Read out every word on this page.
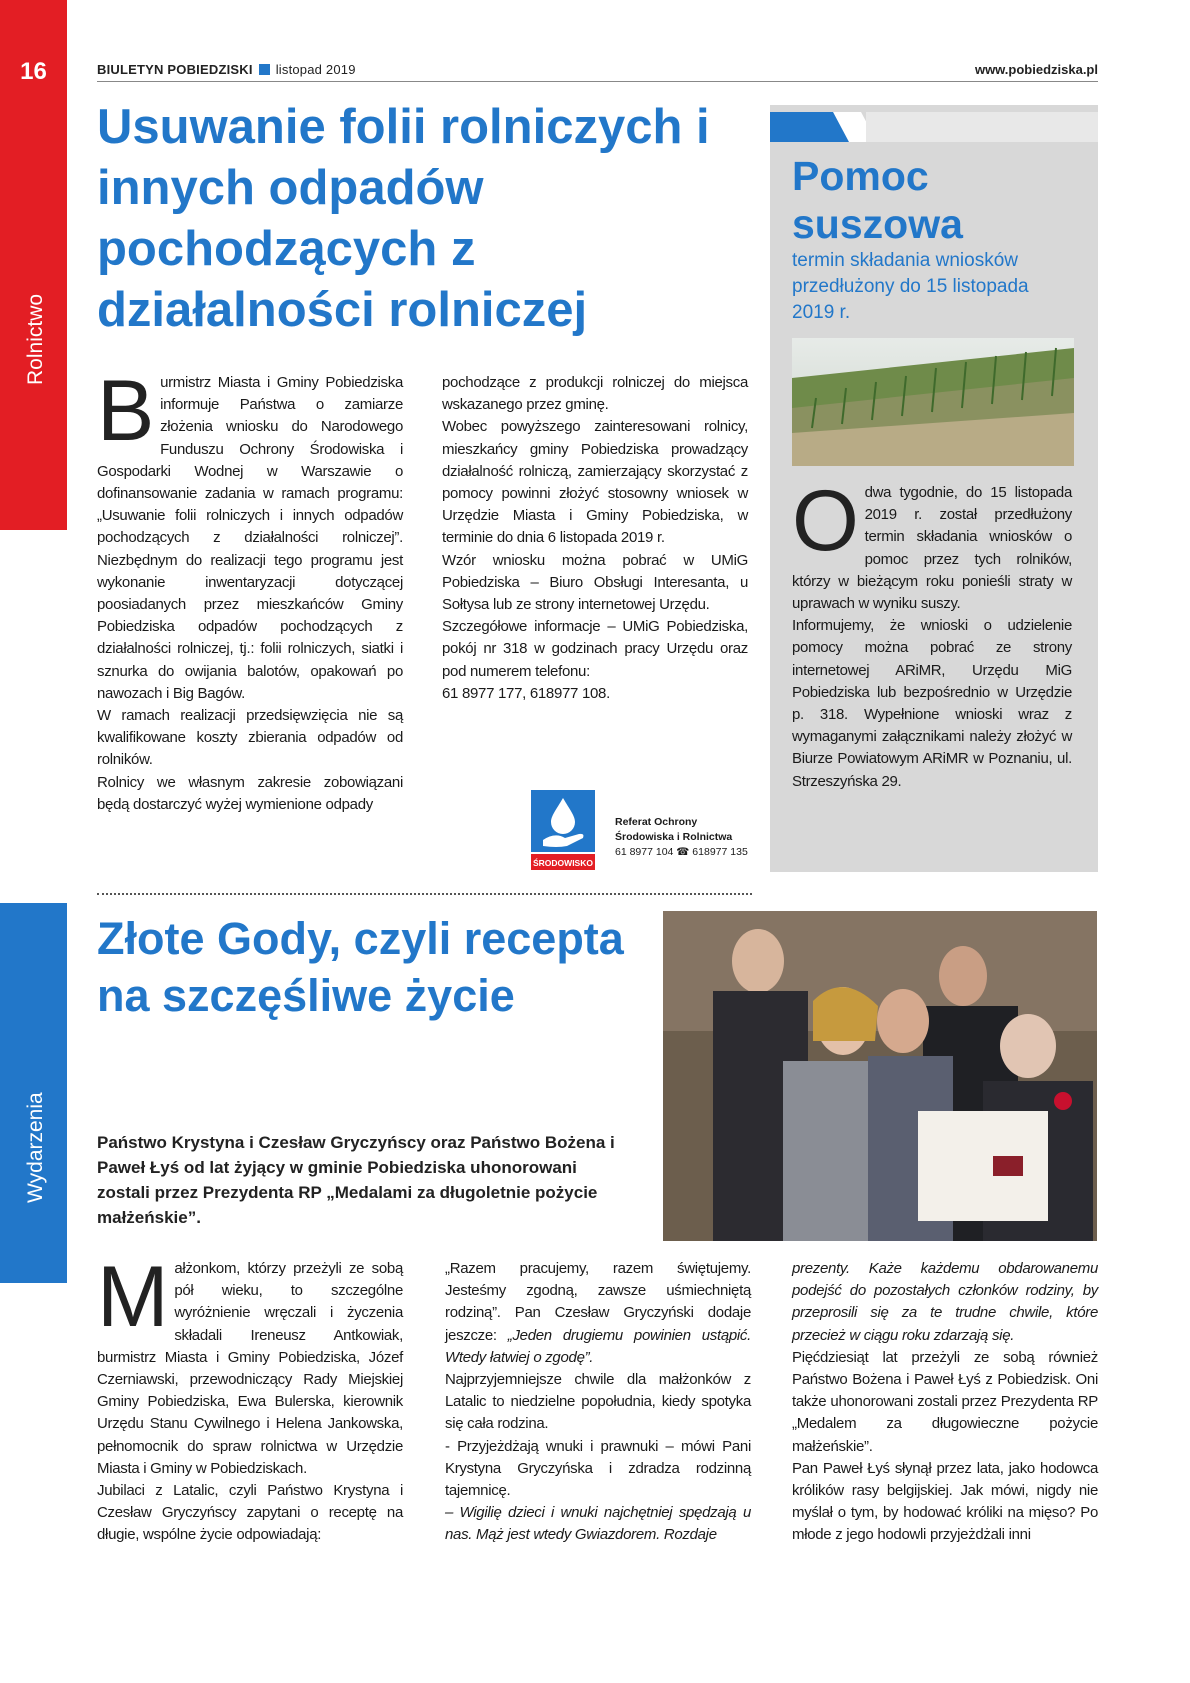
16
Rolnictwo
Wydarzenia
BIULETYN POBIEDZISKI listopad 2019	www.pobiedziska.pl
Usuwanie folii rolniczych i innych odpadów pochodzących z działalności rolniczej

Burmistrz Miasta i Gminy Pobiedziska informuje Państwa o zamiarze złożenia wniosku do Narodowego Funduszu Ochrony Środowiska i Gospodarki Wodnej w Warszawie o dofinansowanie zadania w ramach programu: „Usuwanie folii rolniczych i innych odpadów pochodzących z działalności rolniczej”. Niezbędnym do realizacji tego programu jest wykonanie inwentaryzacji dotyczącej poosiadanych przez mieszkańców Gminy Pobiedziska odpadów pochodzących z działalności rolniczej, tj.: folii rolniczych, siatki i sznurka do owijania balotów, opakowań po nawozach i Big Bagów.

W ramach realizacji przedsięwzięcia nie są kwalifikowane koszty zbierania odpadów od rolników.

Rolnicy we własnym zakresie zobowiązani będą dostarczyć wyżej wymienione odpady

pochodzące z produkcji rolniczej do miejsca wskazanego przez gminę.

Wobec powyższego zainteresowani rolnicy, mieszkańcy gminy Pobiedziska prowadzący działalność rolniczą, zamierzający skorzystać z pomocy powinni złożyć stosowny wniosek w Urzędzie Miasta i Gminy Pobiedziska, w terminie do dnia 6 listopada 2019 r.

Wzór wniosku można pobrać w UMiG Pobiedziska – Biuro Obsługi Interesanta, u Sołtysa lub ze strony internetowej Urzędu.

Szczegółowe informacje – UMiG Pobiedziska, pokój nr 318 w godzinach pracy Urzędu oraz pod numerem telefonu:

61 8977 177, 618977 108.

ŚRODOWISKO
Referat Ochrony
Środowiska i Rolnictwa
61 8977 104 ☎ 618977 135
Pomoc suszowa
termin składania wniosków przedłużony do 15 listopada 2019 r.

Odwa tygodnie, do 15 listopada 2019 r. został przedłużony termin składania wniosków o pomoc przez tych rolników, którzy w bieżącym roku ponieśli straty w uprawach w wyniku suszy.

Informujemy, że wnioski o udzielenie pomocy można pobrać ze strony internetowej ARiMR, Urzędu MiG Pobiedziska lub bezpośrednio w Urzędzie p. 318. Wypełnione wnioski wraz z wymaganymi załącznikami należy złożyć w Biurze Powiatowym ARiMR w Poznaniu, ul. Strzeszyńska 29.

Złote Gody, czyli recepta na szczęśliwe życie
Państwo Krystyna i Czesław Gryczyńscy oraz Państwo Bożena i Paweł Łyś od lat żyjący w gminie Pobiedziska uhonorowani zostali przez Prezydenta RP „Medalami za długoletnie pożycie małżeńskie”.

Małżonkom, którzy przeżyli ze sobą pół wieku, to szczególne wyróżnienie wręczali i życzenia składali Ireneusz Antkowiak, burmistrz Miasta i Gminy Pobiedziska, Józef Czerniawski, przewodniczący Rady Miejskiej Gminy Pobiedziska, Ewa Bulerska, kierownik Urzędu Stanu Cywilnego i Helena Jankowska, pełnomocnik do spraw rolnictwa w Urzędzie Miasta i Gminy w Pobiedziskach.

Jubilaci z Latalic, czyli Państwo Krystyna i Czesław Gryczyńscy zapytani o receptę na długie, wspólne życie odpowiadają:

„Razem pracujemy, razem świętujemy. Jesteśmy zgodną, zawsze uśmiechniętą rodziną”. Pan Czesław Gryczyński dodaje jeszcze: „Jeden drugiemu powinien ustąpić. Wtedy łatwiej o zgodę”.

Najprzyjemniejsze chwile dla małżonków z Latalic to niedzielne popołudnia, kiedy spotyka się cała rodzina.

- Przyjeżdżają wnuki i prawnuki – mówi Pani Krystyna Gryczyńska i zdradza rodzinną tajemnicę.

– Wigilię dzieci i wnuki najchętniej spędzają u nas. Mąż jest wtedy Gwiazdorem. Rozdaje

prezenty. Każe każdemu obdarowanemu podejść do pozostałych członków rodziny, by przeprosili się za te trudne chwile, które przecież w ciągu roku zdarzają się.

Pięćdziesiąt lat przeżyli ze sobą również Państwo Bożena i Paweł Łyś z Pobiedzisk. Oni także uhonorowani zostali przez Prezydenta RP „Medalem za długowieczne pożycie małżeńskie”.

Pan Paweł Łyś słynął przez lata, jako hodowca królików rasy belgijskiej. Jak mówi, nigdy nie myślał o tym, by hodować króliki na mięso? Po młode z jego hodowli przyjeżdżali inni
